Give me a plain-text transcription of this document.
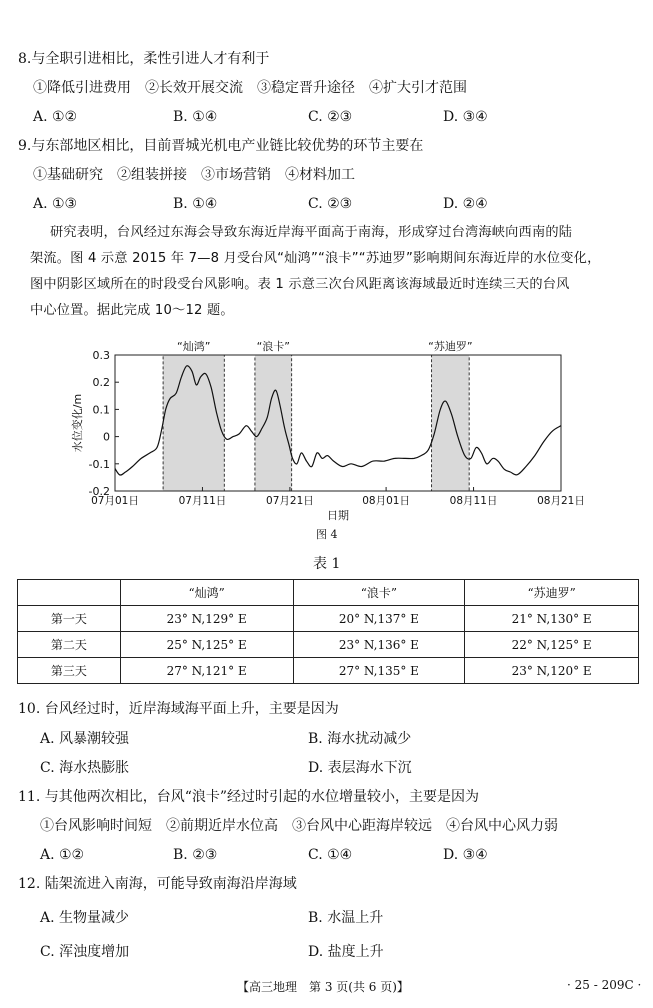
8.与全职引进相比，柔性引进人才有利于
①降低引进费用　②长效开展交流　③稳定晋升途径　④扩大引才范围
A. ①②	B. ①④	C. ②③	D. ③④
9.与东部地区相比，目前晋城光机电产业链比较优势的环节主要在
①基础研究　②组装拼接　③市场营销　④材料加工
A. ①③	B. ①④	C. ②③	D. ②④
研究表明，台风经过东海会导致东海近岸海平面高于南海，形成穿过台湾海峡向西南的陆
架流。图 4 示意 2015 年 7—8 月受台风“灿鸿”“浪卡”“苏迪罗”影响期间东海近岸的水位变化，
图中阴影区域所在的时段受台风影响。表 1 示意三次台风距离该海域最近时连续三天的台风
中心位置。据此完成 10～12 题。
“灿鸿”	“浪卡”	“苏迪罗”
0.3
0.2
0.1
0
-0.1
-0.2
07月01日	07月11日	07月21日	08月01日	08月11日	08月21日
日期
水位变化/m
图 4
表 1
	“灿鸿”	“浪卡”	“苏迪罗”
第一天	23° N,129° E	20° N,137° E	21° N,130° E
第二天	25° N,125° E	23° N,136° E	22° N,125° E
第三天	27° N,121° E	27° N,135° E	23° N,120° E
10. 台风经过时，近岸海域海平面上升，主要是因为
A. 风暴潮较强	B. 海水扰动减少
C. 海水热膨胀	D. 表层海水下沉
11. 与其他两次相比，台风“浪卡”经过时引起的水位增量较小，主要是因为
①台风影响时间短　②前期近岸水位高　③台风中心距海岸较远　④台风中心风力弱
A. ①②	B. ②③	C. ①④	D. ③④
12. 陆架流进入南海，可能导致南海沿岸海域
A. 生物量减少	B. 水温上升
C. 浑浊度增加	D. 盐度上升
【高三地理　第 3 页(共 6 页)】	· 25 - 209C ·
